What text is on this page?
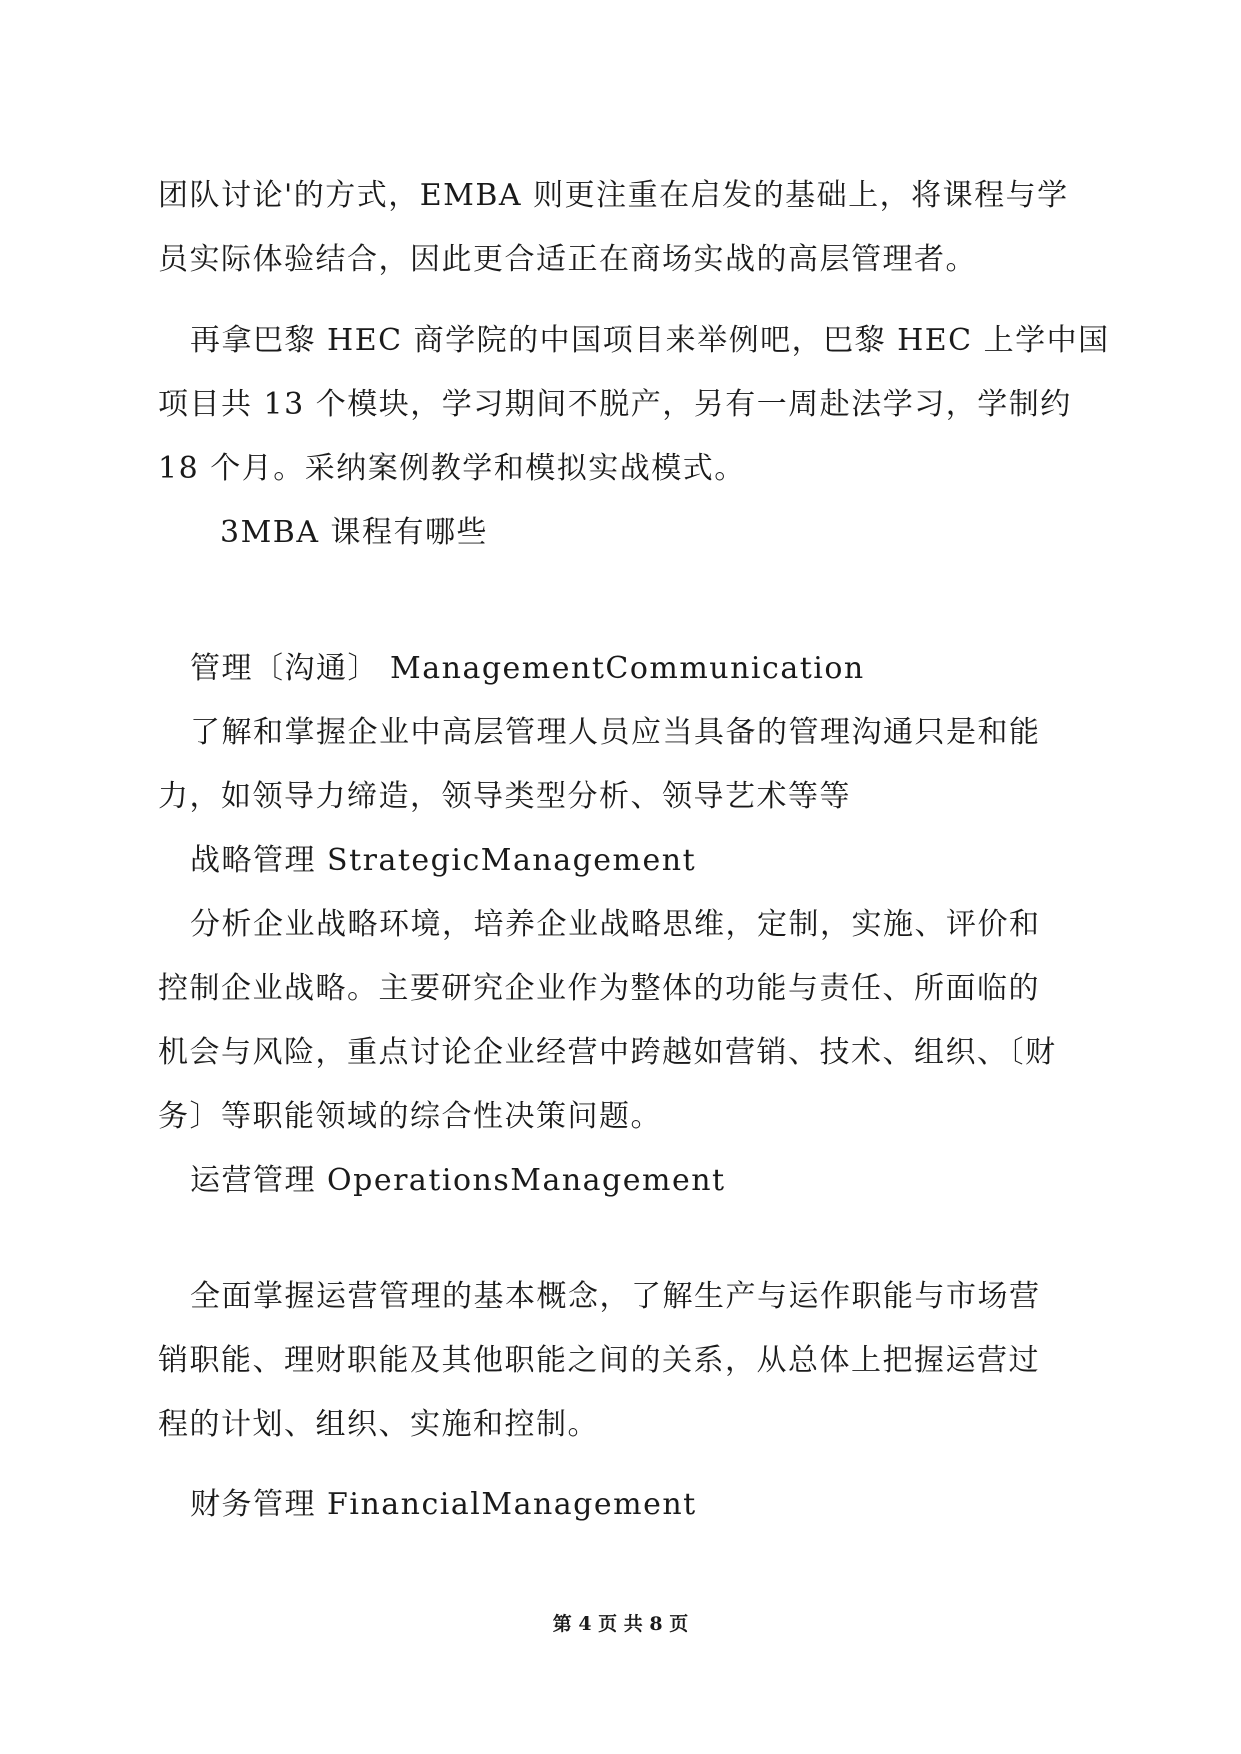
团队讨论'的方式，EMBA 则更注重在启发的基础上，将课程与学
员实际体验结合，因此更合适正在商场实战的高层管理者。
再拿巴黎 HEC 商学院的中国项目来举例吧，巴黎 HEC 上学中国
项目共 13 个模块，学习期间不脱产，另有一周赴法学习，学制约
18 个月。采纳案例教学和模拟实战模式。
3MBA 课程有哪些
管理〔沟通〕 ManagementCommunication
了解和掌握企业中高层管理人员应当具备的管理沟通只是和能
力，如领导力缔造，领导类型分析、领导艺术等等
战略管理 StrategicManagement
分析企业战略环境，培养企业战略思维，定制，实施、评价和
控制企业战略。主要研究企业作为整体的功能与责任、所面临的
机会与风险，重点讨论企业经营中跨越如营销、技术、组织、〔财
务〕等职能领域的综合性决策问题。
运营管理 OperationsManagement
全面掌握运营管理的基本概念，了解生产与运作职能与市场营
销职能、理财职能及其他职能之间的关系，从总体上把握运营过
程的计划、组织、实施和控制。
财务管理 FinancialManagement
第 4 页 共 8 页
